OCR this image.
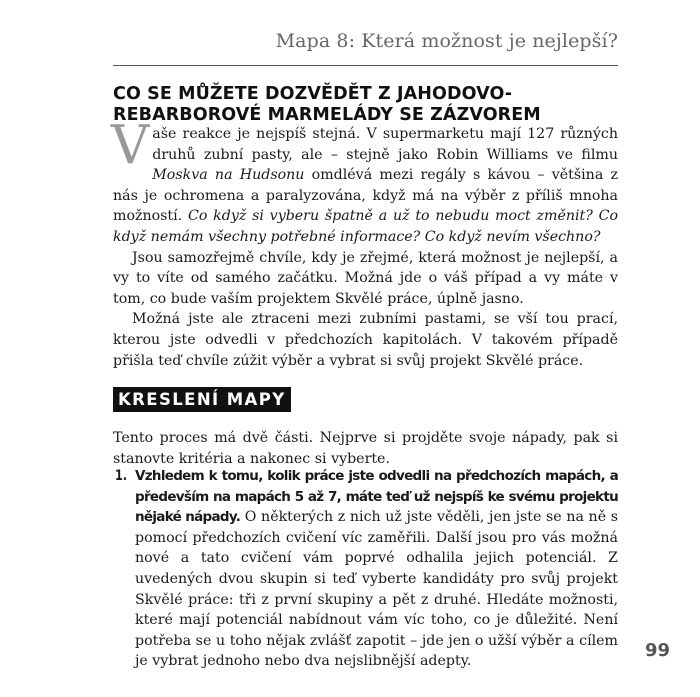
Mapa 8: Která možnost je nejlepší?
CO SE MŮŽETE DOZVĚDĚT Z JAHODOVO-REBARBOROVÉ MARMELÁDY SE ZÁZVOREM

Vaše reakce je nejspíš stejná. V supermarketu mají 127 různých druhů zubní pasty, ale – stejně jako Robin Williams ve filmu Moskva na Hudsonu omdlévá mezi regály s kávou – většina z nás je ochromena a paralyzována, když má na výběr z příliš mnoha možností. Co když si vyberu špatně a už to nebudu moct změnit? Co když nemám všechny potřebné informace? Co když nevím všechno?

Jsou samozřejmě chvíle, kdy je zřejmé, která možnost je nejlepší, a vy to víte od samého začátku. Možná jde o váš případ a vy máte v tom, co bude vaším projektem Skvělé práce, úplně jasno.

Možná jste ale ztraceni mezi zubními pastami, se vší tou prací, kterou jste odvedli v předchozích kapitolách. V takovém případě přišla teď chvíle zúžit výběr a vybrat si svůj projekt Skvělé práce.

KRESLENÍ MAPY

Tento proces má dvě části. Nejprve si projděte svoje nápady, pak si stanovte kritéria a nakonec si vyberte.

1. Vzhledem k tomu, kolik práce jste odvedli na předchozích mapách, a především na mapách 5 až 7, máte teď už nejspíš ke svému projektu nějaké nápady. O některých z nich už jste věděli, jen jste se na ně s pomocí předchozích cvičení víc zaměřili. Další jsou pro vás možná nové a tato cvičení vám poprvé odhalila jejich potenciál. Z uvedených dvou skupin si teď vyberte kandidáty pro svůj projekt Skvělé práce: tři z první skupiny a pět z druhé. Hledáte možnosti, které mají potenciál nabídnout vám víc toho, co je důležité. Není potřeba se u toho nějak zvlášť zapotit – jde jen o užší výběr a cílem je vybrat jednoho nebo dva nejslibnější adepty.
99
